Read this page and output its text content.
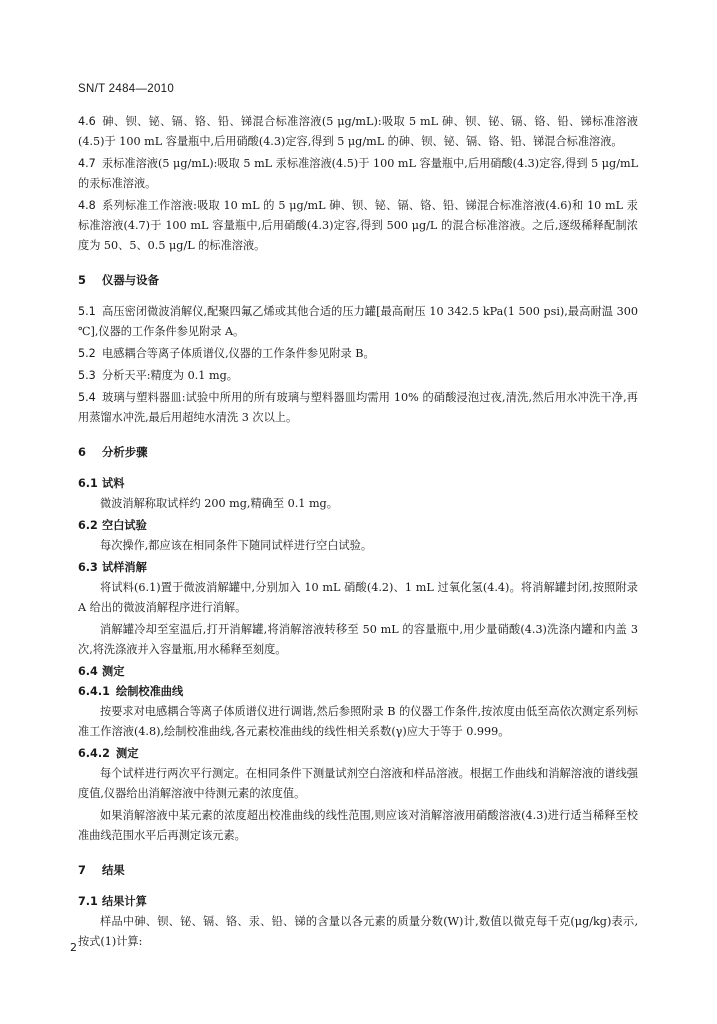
SN/T 2484—2010

4.6 砷、钡、铋、镉、铬、铅、锑混合标准溶液(5 μg/mL):吸取 5 mL 砷、钡、铋、镉、铬、铅、锑标准溶液(4.5)于 100 mL 容量瓶中,后用硝酸(4.3)定容,得到 5 μg/mL 的砷、钡、铋、镉、铬、铅、锑混合标准溶液。

4.7 汞标准溶液(5 μg/mL):吸取 5 mL 汞标准溶液(4.5)于 100 mL 容量瓶中,后用硝酸(4.3)定容,得到 5 μg/mL 的汞标准溶液。

4.8 系列标准工作溶液:吸取 10 mL 的 5 μg/mL 砷、钡、铋、镉、铬、铅、锑混合标准溶液(4.6)和 10 mL 汞标准溶液(4.7)于 100 mL 容量瓶中,后用硝酸(4.3)定容,得到 500 μg/L 的混合标准溶液。之后,逐级稀释配制浓度为 50、5、0.5 μg/L 的标准溶液。

5 仪器与设备

5.1 高压密闭微波消解仪,配聚四氟乙烯或其他合适的压力罐[最高耐压 10 342.5 kPa(1 500 psi),最高耐温 300 ℃],仪器的工作条件参见附录 A。

5.2 电感耦合等离子体质谱仪,仪器的工作条件参见附录 B。

5.3 分析天平:精度为 0.1 mg。

5.4 玻璃与塑料器皿:试验中所用的所有玻璃与塑料器皿均需用 10% 的硝酸浸泡过夜,清洗,然后用水冲洗干净,再用蒸馏水冲洗,最后用超纯水清洗 3 次以上。

6 分析步骤

6.1 试料

微波消解称取试样约 200 mg,精确至 0.1 mg。

6.2 空白试验

每次操作,都应该在相同条件下随同试样进行空白试验。

6.3 试样消解

将试料(6.1)置于微波消解罐中,分别加入 10 mL 硝酸(4.2)、1 mL 过氧化氢(4.4)。将消解罐封闭,按照附录 A 给出的微波消解程序进行消解。

消解罐冷却至室温后,打开消解罐,将消解溶液转移至 50 mL 的容量瓶中,用少量硝酸(4.3)洗涤内罐和内盖 3 次,将洗涤液并入容量瓶,用水稀释至刻度。

6.4 测定

6.4.1 绘制校准曲线

按要求对电感耦合等离子体质谱仪进行调谐,然后参照附录 B 的仪器工作条件,按浓度由低至高依次测定系列标准工作溶液(4.8),绘制校准曲线,各元素校准曲线的线性相关系数(γ)应大于等于 0.999。

6.4.2 测定

每个试样进行两次平行测定。在相同条件下测量试剂空白溶液和样品溶液。根据工作曲线和消解溶液的谱线强度值,仪器给出消解溶液中待测元素的浓度值。

如果消解溶液中某元素的浓度超出校准曲线的线性范围,则应该对消解溶液用硝酸溶液(4.3)进行适当稀释至校准曲线范围水平后再测定该元素。

7 结果

7.1 结果计算

样品中砷、钡、铋、镉、铬、汞、铅、锑的含量以各元素的质量分数(W)计,数值以微克每千克(μg/kg)表示,按式(1)计算:

2
